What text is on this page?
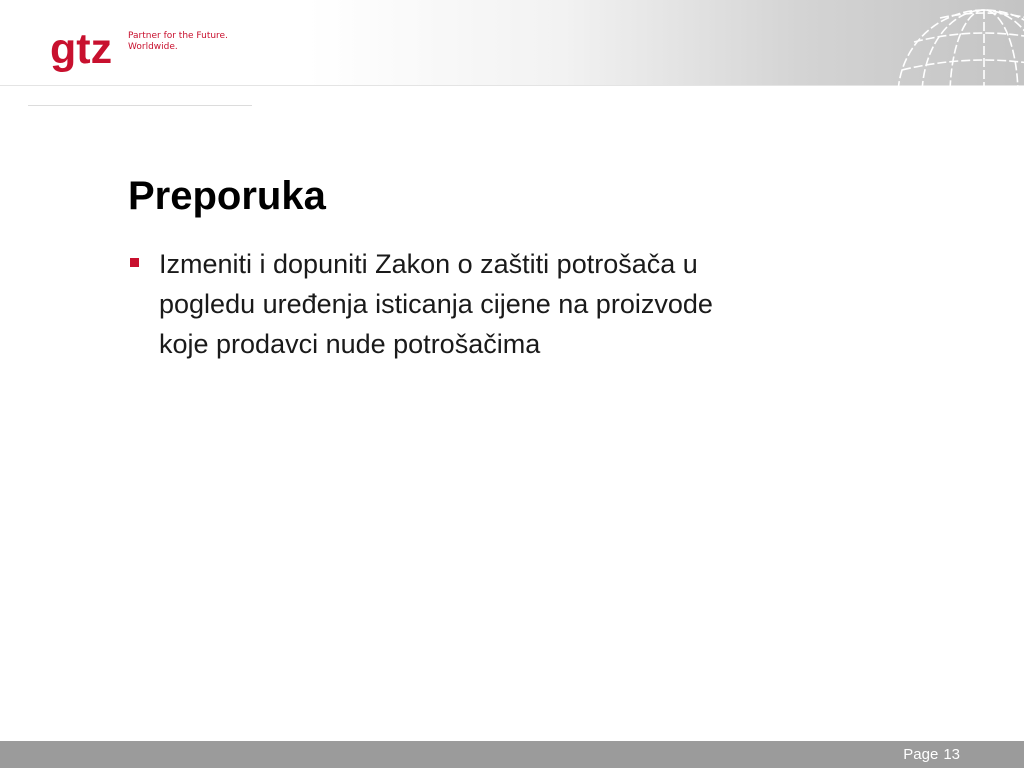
gtz Partner for the Future.
Worldwide.
Preporuka
Izmeniti i dopuniti Zakon o zaštiti potrošača u
pogledu uređenja isticanja cijene na proizvode
koje prodavci nude potrošačima
Page 13
